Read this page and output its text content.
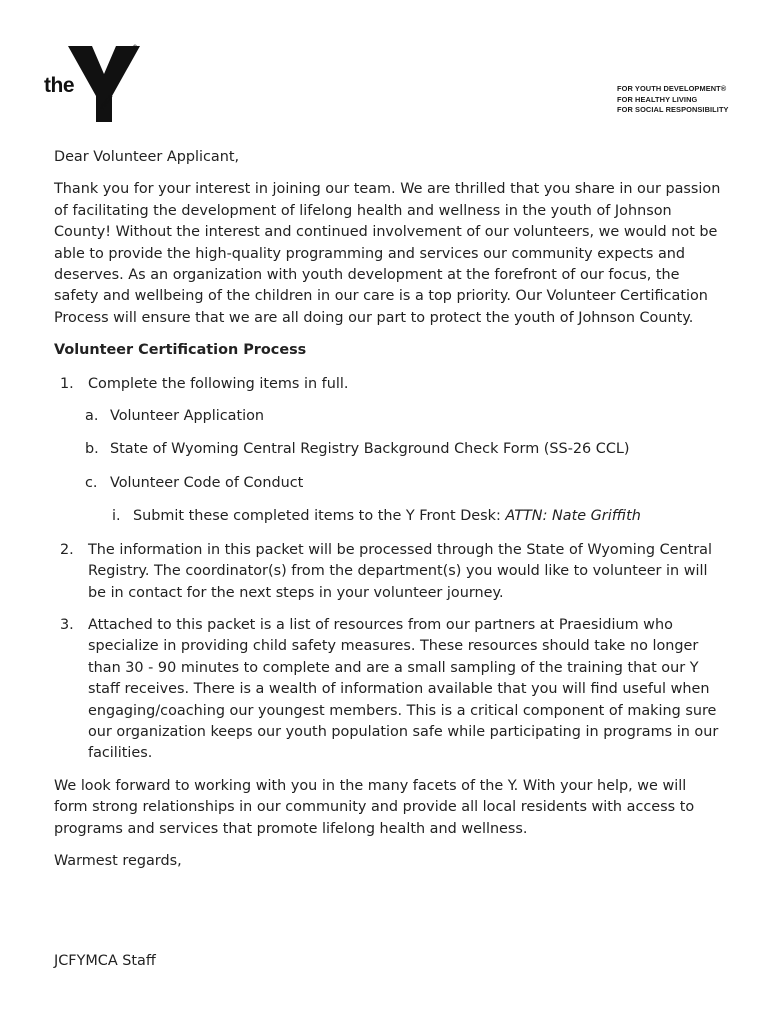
the
YMCA
®
FOR YOUTH DEVELOPMENT®
FOR HEALTHY LIVING
FOR SOCIAL RESPONSIBILITY

Dear Volunteer Applicant,

Thank you for your interest in joining our team. We are thrilled that you share in our passion of facilitating the development of lifelong health and wellness in the youth of Johnson County! Without the interest and continued involvement of our volunteers, we would not be able to provide the high-quality programming and services our community expects and deserves. As an organization with youth development at the forefront of our focus, the safety and wellbeing of the children in our care is a top priority. Our Volunteer Certification Process will ensure that we are all doing our part to protect the youth of Johnson County.

Volunteer Certification Process

1. Complete the following items in full.
a. Volunteer Application
b. State of Wyoming Central Registry Background Check Form (SS-26 CCL)
c. Volunteer Code of Conduct
i. Submit these completed items to the Y Front Desk: ATTN: Nate Griffith
2. The information in this packet will be processed through the State of Wyoming Central Registry. The coordinator(s) from the department(s) you would like to volunteer in will be in contact for the next steps in your volunteer journey.
3. Attached to this packet is a list of resources from our partners at Praesidium who specialize in providing child safety measures. These resources should take no longer than 30 - 90 minutes to complete and are a small sampling of the training that our Y staff receives. There is a wealth of information available that you will find useful when engaging/coaching our youngest members. This is a critical component of making sure our organization keeps our youth population safe while participating in programs in our facilities.

We look forward to working with you in the many facets of the Y. With your help, we will form strong relationships in our community and provide all local residents with access to programs and services that promote lifelong health and wellness.

Warmest regards,

JCFYMCA Staff
